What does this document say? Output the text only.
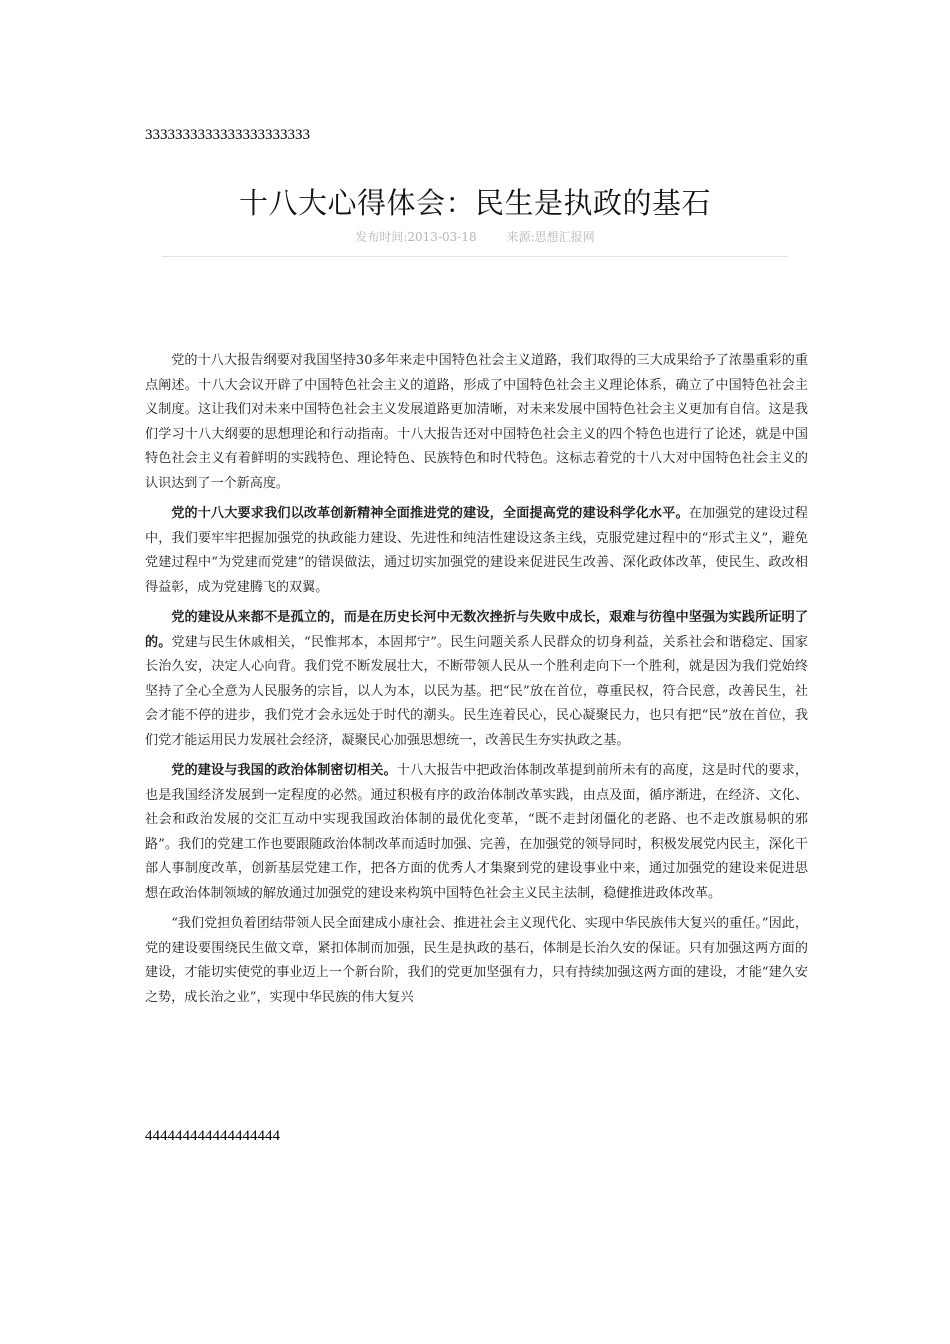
3333333333333333333333
十八大心得体会：民生是执政的基石
发布时间:2013-03-18	来源:思想汇报网

党的十八大报告纲要对我国坚持30多年来走中国特色社会主义道路，我们取得的三大成果给予了浓墨重彩的重点阐述。十八大会议开辟了中国特色社会主义的道路，形成了中国特色社会主义理论体系，确立了中国特色社会主义制度。这让我们对未来中国特色社会主义发展道路更加清晰，对未来发展中国特色社会主义更加有自信。这是我们学习十八大纲要的思想理论和行动指南。十八大报告还对中国特色社会主义的四个特色也进行了论述，就是中国特色社会主义有着鲜明的实践特色、理论特色、民族特色和时代特色。这标志着党的十八大对中国特色社会主义的认识达到了一个新高度。

党的十八大要求我们以改革创新精神全面推进党的建设，全面提高党的建设科学化水平。在加强党的建设过程中，我们要牢牢把握加强党的执政能力建设、先进性和纯洁性建设这条主线，克服党建过程中的“形式主义”，避免党建过程中“为党建而党建”的错误做法，通过切实加强党的建设来促进民生改善、深化政体改革，使民生、政改相得益彰，成为党建腾飞的双翼。

党的建设从来都不是孤立的，而是在历史长河中无数次挫折与失败中成长，艰难与彷徨中坚强为实践所证明了的。党建与民生休戚相关，“民惟邦本，本固邦宁”。民生问题关系人民群众的切身利益，关系社会和谐稳定、国家长治久安，决定人心向背。我们党不断发展壮大，不断带领人民从一个胜利走向下一个胜利，就是因为我们党始终坚持了全心全意为人民服务的宗旨，以人为本，以民为基。把“民”放在首位，尊重民权，符合民意，改善民生，社会才能不停的进步，我们党才会永远处于时代的潮头。民生连着民心，民心凝聚民力，也只有把“民”放在首位，我们党才能运用民力发展社会经济，凝聚民心加强思想统一，改善民生夯实执政之基。

党的建设与我国的政治体制密切相关。十八大报告中把政治体制改革提到前所未有的高度，这是时代的要求，也是我国经济发展到一定程度的必然。通过积极有序的政治体制改革实践，由点及面，循序渐进，在经济、文化、社会和政治发展的交汇互动中实现我国政治体制的最优化变革，“既不走封闭僵化的老路、也不走改旗易帜的邪路”。我们的党建工作也要跟随政治体制改革而适时加强、完善，在加强党的领导同时，积极发展党内民主，深化干部人事制度改革，创新基层党建工作，把各方面的优秀人才集聚到党的建设事业中来，通过加强党的建设来促进思想在政治体制领域的解放通过加强党的建设来构筑中国特色社会主义民主法制，稳健推进政体改革。

“我们党担负着团结带领人民全面建成小康社会、推进社会主义现代化、实现中华民族伟大复兴的重任。”因此，党的建设要围绕民生做文章，紧扣体制而加强，民生是执政的基石，体制是长治久安的保证。只有加强这两方面的建设，才能切实使党的事业迈上一个新台阶，我们的党更加坚强有力，只有持续加强这两方面的建设，才能“建久安之势，成长治之业”，实现中华民族的伟大复兴

444444444444444444
